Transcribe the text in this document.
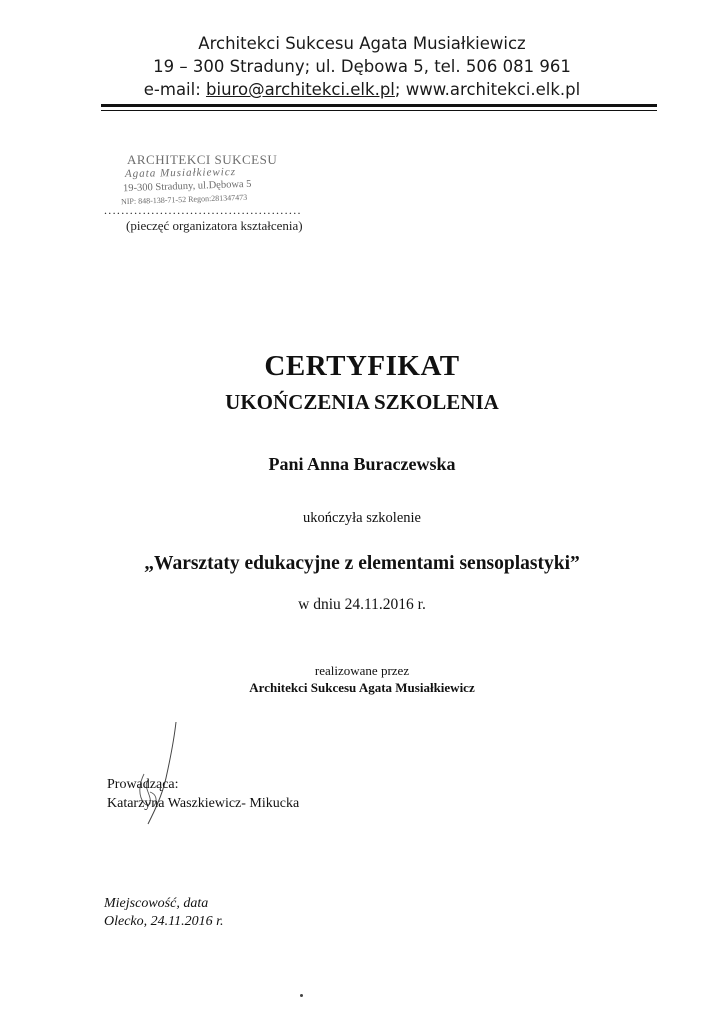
Architekci Sukcesu Agata Musiałkiewicz
19 – 300 Straduny; ul. Dębowa 5, tel. 506 081 961
e-mail: biuro@architekci.elk.pl; www.architekci.elk.pl
ARCHITEKCI SUKCESU
Agata Musiałkiewicz
19-300 Straduny, ul.Dębowa 5
NIP: 848-138-71-52 Regon:281347473
..............................................
(pieczęć organizatora kształcenia)
CERTYFIKAT
UKOŃCZENIA SZKOLENIA
Pani Anna Buraczewska
ukończyła szkolenie
„Warsztaty edukacyjne z elementami sensoplastyki”
w dniu 24.11.2016 r.
realizowane przez
Architekci Sukcesu Agata Musiałkiewicz
Prowadząca:
Katarzyna Waszkiewicz- Mikucka
Miejscowość, data
Olecko, 24.11.2016 r.
